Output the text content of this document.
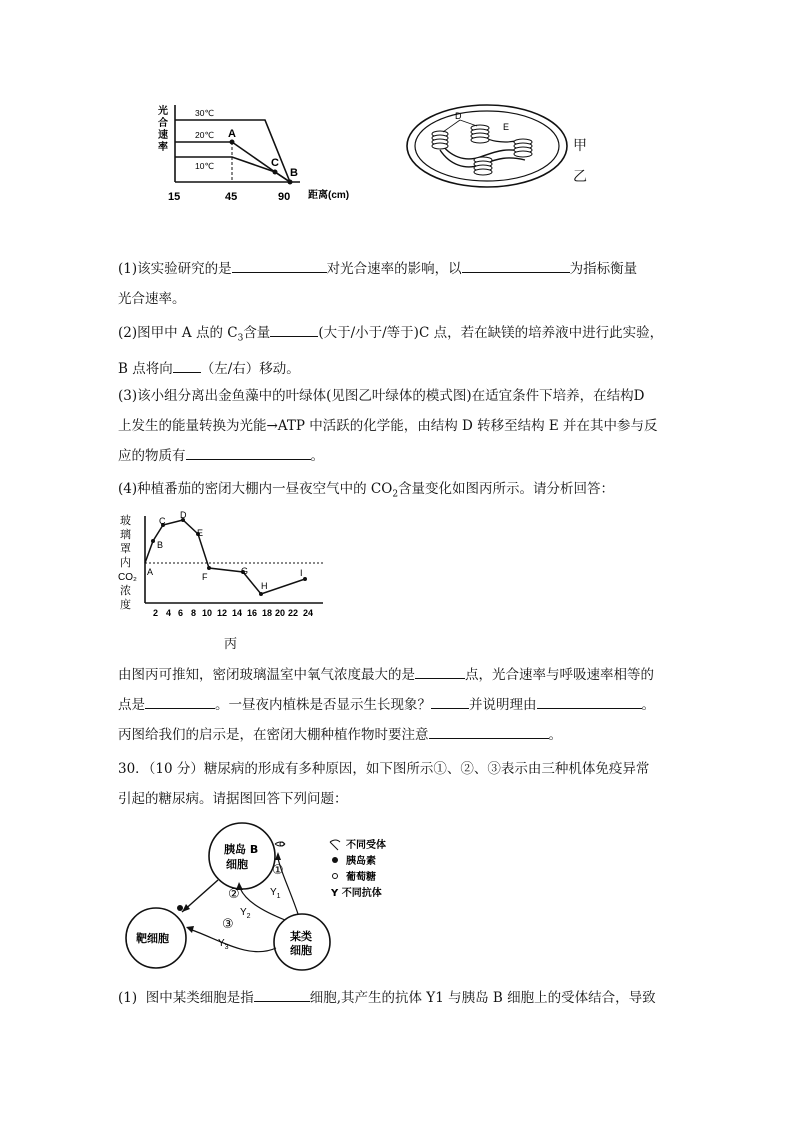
光
合
速
率
30℃
20℃
10℃
A
C
B
15	45	90 距离(cm)
D
E
甲
乙
(1)该实验研究的是	对光合速率的影响，以	为指标衡量
光合速率。
(2)图甲中 A 点的 $C_3$含量	(大于/小于/等于)C 点，若在缺镁的培养液中进行此实验，
B 点将向 （左/右）移动。
(3)该小组分离出金鱼藻中的叶绿体(见图乙叶绿体的模式图)在适宜条件下培养，在结构D
上发生的能量转换为光能→ATP 中活跃的化学能，由结构 D 转移至结构 E 并在其中参与反
应的物质有	。
(4)种植番茄的密闭大棚内一昼夜空气中的 $CO_2$含量变化如图丙所示。请分析回答：
玻
璃
罩
内
CO₂
浓
度
A
B
C
D
E
F
G
H
I
2 4 6 8 10 12 14 16 18 20 22 24
丙
由图丙可推知，密闭玻璃温室中氧气浓度最大的是	点，光合速率与呼吸速率相等的
点是	。一昼夜内植株是否显示生长现象？	并说明理由	。
丙图给我们的启示是，在密闭大棚种植作物时要注意	。
30．（10 分）糖尿病的形成有多种原因，如下图所示①、②、③表示由三种机体免疫异常
引起的糖尿病。请据图回答下列问题：
胰岛 B
细胞
靶细胞	某类
细胞
①
②
③
$Y_1$
$Y_2$
$Y_3$
不同受体
胰岛素
葡萄糖
Y 不同抗体
(1) 图中某类细胞是指	细胞,其产生的抗体 Y1 与胰岛 B 细胞上的受体结合，导致
